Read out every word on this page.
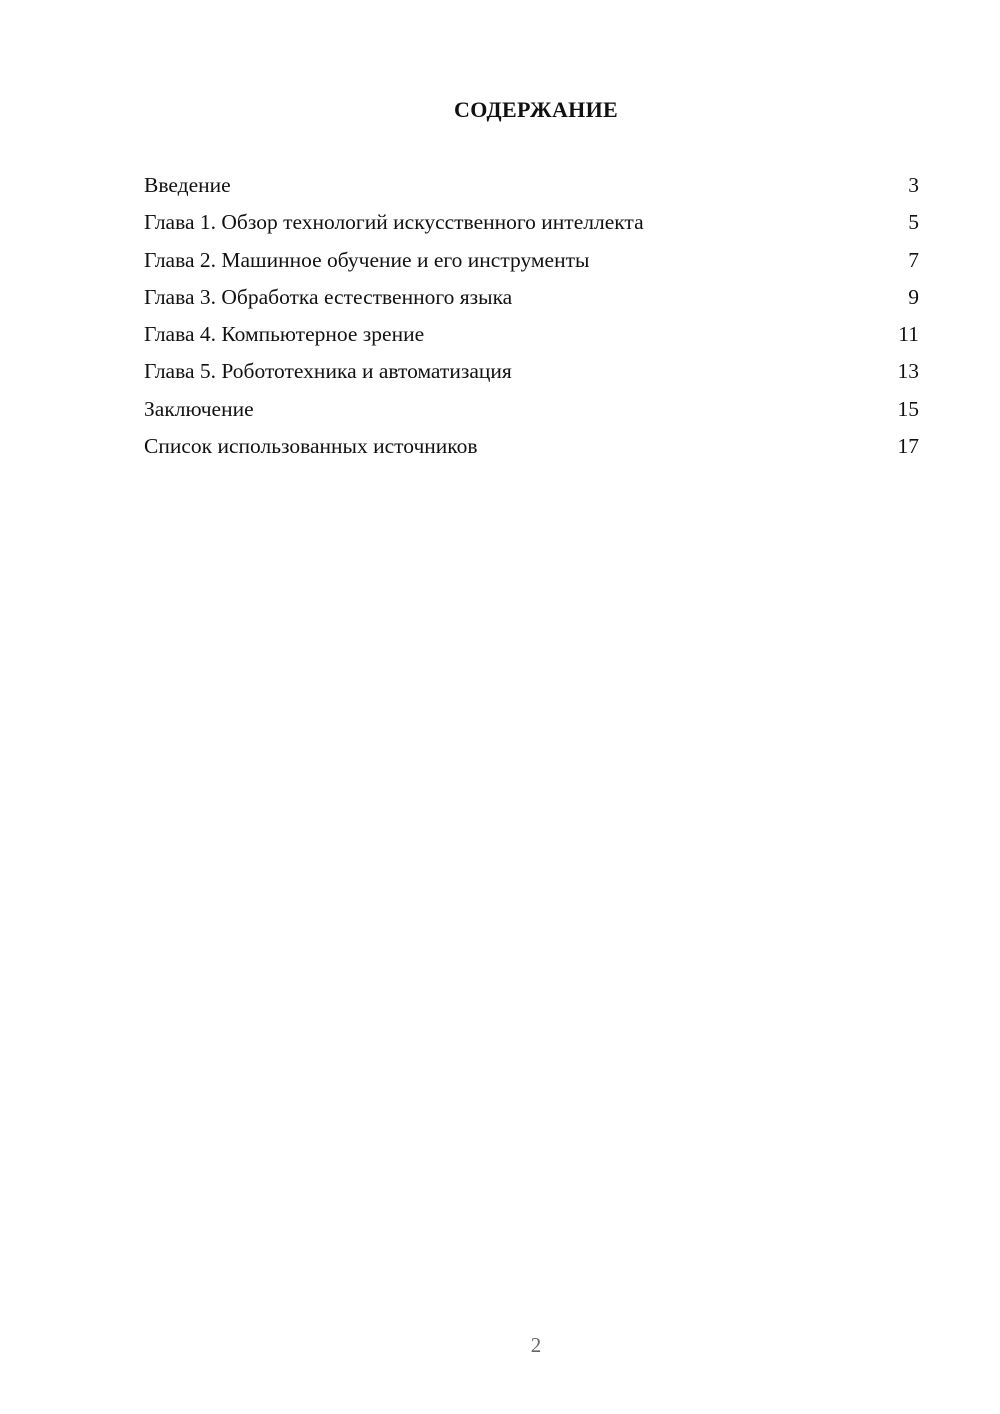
СОДЕРЖАНИЕ
Введение	3
Глава 1. Обзор технологий искусственного интеллекта	5
Глава 2. Машинное обучение и его инструменты	7
Глава 3. Обработка естественного языка	9
Глава 4. Компьютерное зрение	11
Глава 5. Робототехника и автоматизация	13
Заключение	15
Список использованных источников	17
2
